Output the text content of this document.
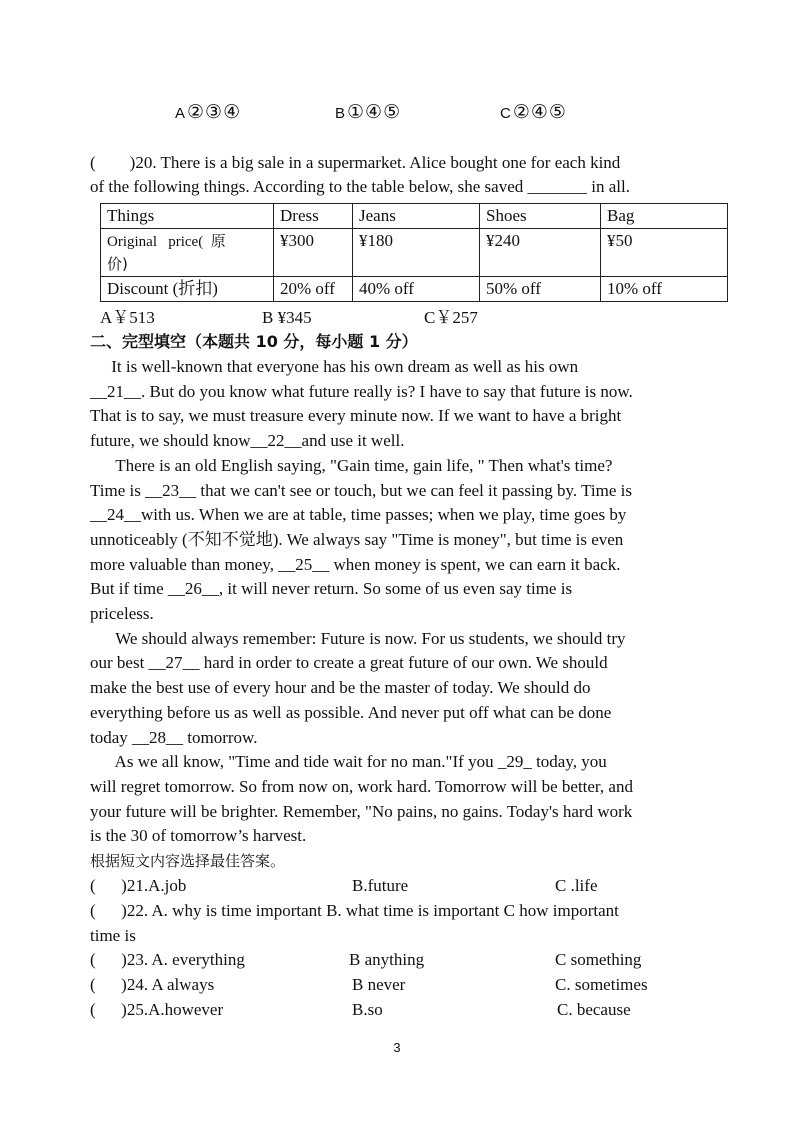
A ②③④	B ①④⑤	C ②④⑤
(        )20. There is a big sale in a supermarket. Alice bought one for each kind
of the following things. According to the table below, she saved _______ in all.
Things	Dress	Jeans	Shoes	Bag
Original   price(  原
价)	¥300	¥180	¥240	¥50
Discount (折扣)	20% off	40% off	50% off	10% off
A￥513	B ¥345	C￥257
二、完型填空（本题共 10 分，每小题 1 分）
It is well-known that everyone has his own dream as well as his own
__21__. But do you know what future really is? I have to say that future is now.
That is to say, we must treasure every minute now. If we want to have a bright
future, we should know__22__and use it well.
There is an old English saying, "Gain time, gain life, " Then what's time?
Time is __23__ that we can't see or touch, but we can feel it passing by. Time is
__24__with us. When we are at table, time passes; when we play, time goes by
unnoticeably (不知不觉地). We always say "Time is money", but time is even
more valuable than money, __25__ when money is spent, we can earn it back.
But if time __26__, it will never return. So some of us even say time is
priceless.
We should always remember: Future is now. For us students, we should try
our best __27__ hard in order to create a great future of our own. We should
make the best use of every hour and be the master of today. We should do
everything before us as well as possible. And never put off what can be done
today __28__ tomorrow.
As we all know, "Time and tide wait for no man."If you _29_ today, you
will regret tomorrow. So from now on, work hard. Tomorrow will be better, and
your future will be brighter. Remember, "No pains, no gains. Today's hard work
is the 30 of tomorrow’s harvest.
根据短文内容选择最佳答案。
(      )21.A.job	B.future	C .life
(      )22. A. why is time important B. what time is important C how important
time is
(      )23. A. everything	B anything	C something
(      )24. A always	B never	C. sometimes
(      )25.A.however	B.so	C. because
3
